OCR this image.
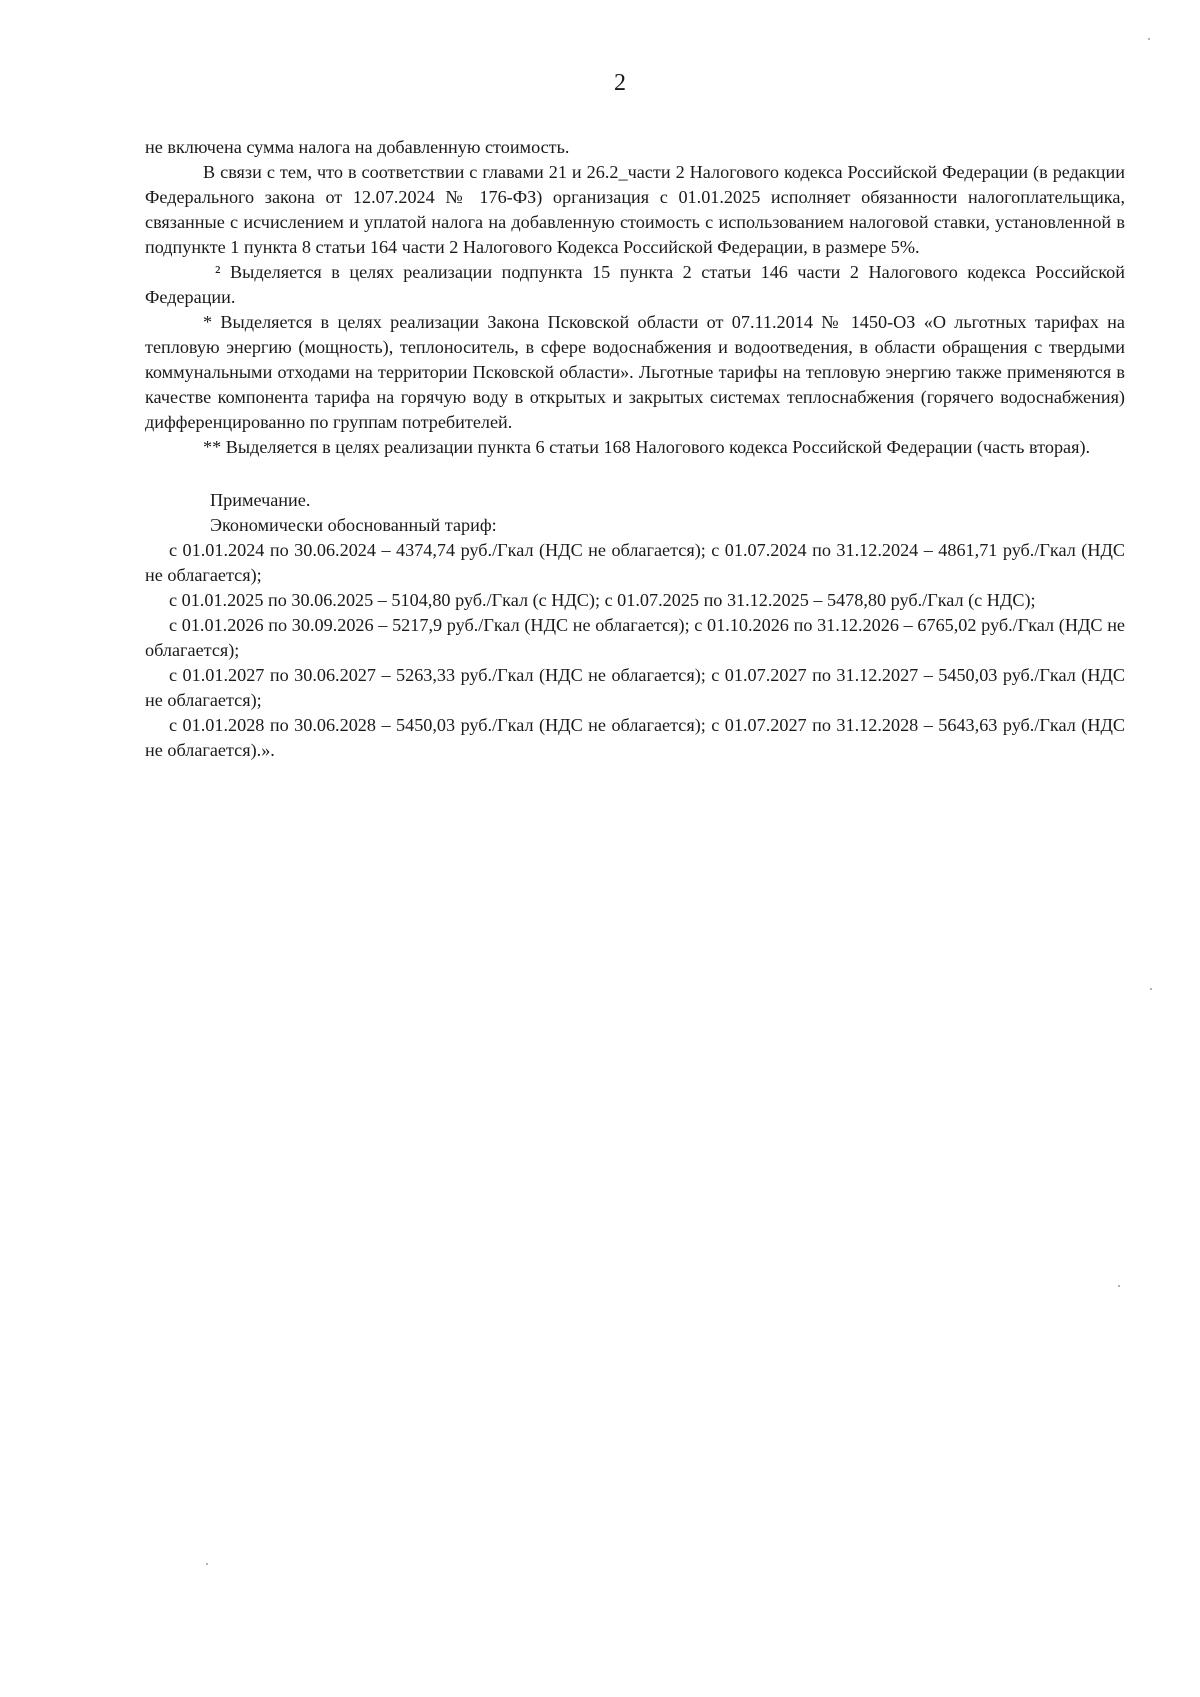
2

не включена сумма налога на добавленную стоимость.

В связи с тем, что в соответствии с главами 21 и 26.2_части 2 Налогового кодекса Российской Федерации (в редакции Федерального закона от 12.07.2024 № 176-ФЗ) организация с 01.01.2025 исполняет обязанности налогоплательщика, связанные с исчислением и уплатой налога на добавленную стоимость с использованием налоговой ставки, установленной в подпункте 1 пункта 8 статьи 164 части 2 Налогового Кодекса Российской Федерации, в размере 5%.

² Выделяется в целях реализации подпункта 15 пункта 2 статьи 146 части 2 Налогового кодекса Российской Федерации.

* Выделяется в целях реализации Закона Псковской области от 07.11.2014 № 1450-ОЗ «О льготных тарифах на тепловую энергию (мощность), теплоноситель, в сфере водоснабжения и водоотведения, в области обращения с твердыми коммунальными отходами на территории Псковской области». Льготные тарифы на тепловую энергию также применяются в качестве компонента тарифа на горячую воду в открытых и закрытых системах теплоснабжения (горячего водоснабжения) дифференцированно по группам потребителей.

** Выделяется в целях реализации пункта 6 статьи 168 Налогового кодекса Российской Федерации (часть вторая).

Примечание.

Экономически обоснованный тариф:

с 01.01.2024 по 30.06.2024 – 4374,74 руб./Гкал (НДС не облагается); с 01.07.2024 по 31.12.2024 – 4861,71 руб./Гкал (НДС не облагается);

с 01.01.2025 по 30.06.2025 – 5104,80 руб./Гкал (с НДС); с 01.07.2025 по 31.12.2025 – 5478,80 руб./Гкал (с НДС);

с 01.01.2026 по 30.09.2026 – 5217,9 руб./Гкал (НДС не облагается); с 01.10.2026 по 31.12.2026 – 6765,02 руб./Гкал (НДС не облагается);

с 01.01.2027 по 30.06.2027 – 5263,33 руб./Гкал (НДС не облагается); с 01.07.2027 по 31.12.2027 – 5450,03 руб./Гкал (НДС не облагается);

с 01.01.2028 по 30.06.2028 – 5450,03 руб./Гкал (НДС не облагается); с 01.07.2027 по 31.12.2028 – 5643,63 руб./Гкал (НДС не облагается).».
